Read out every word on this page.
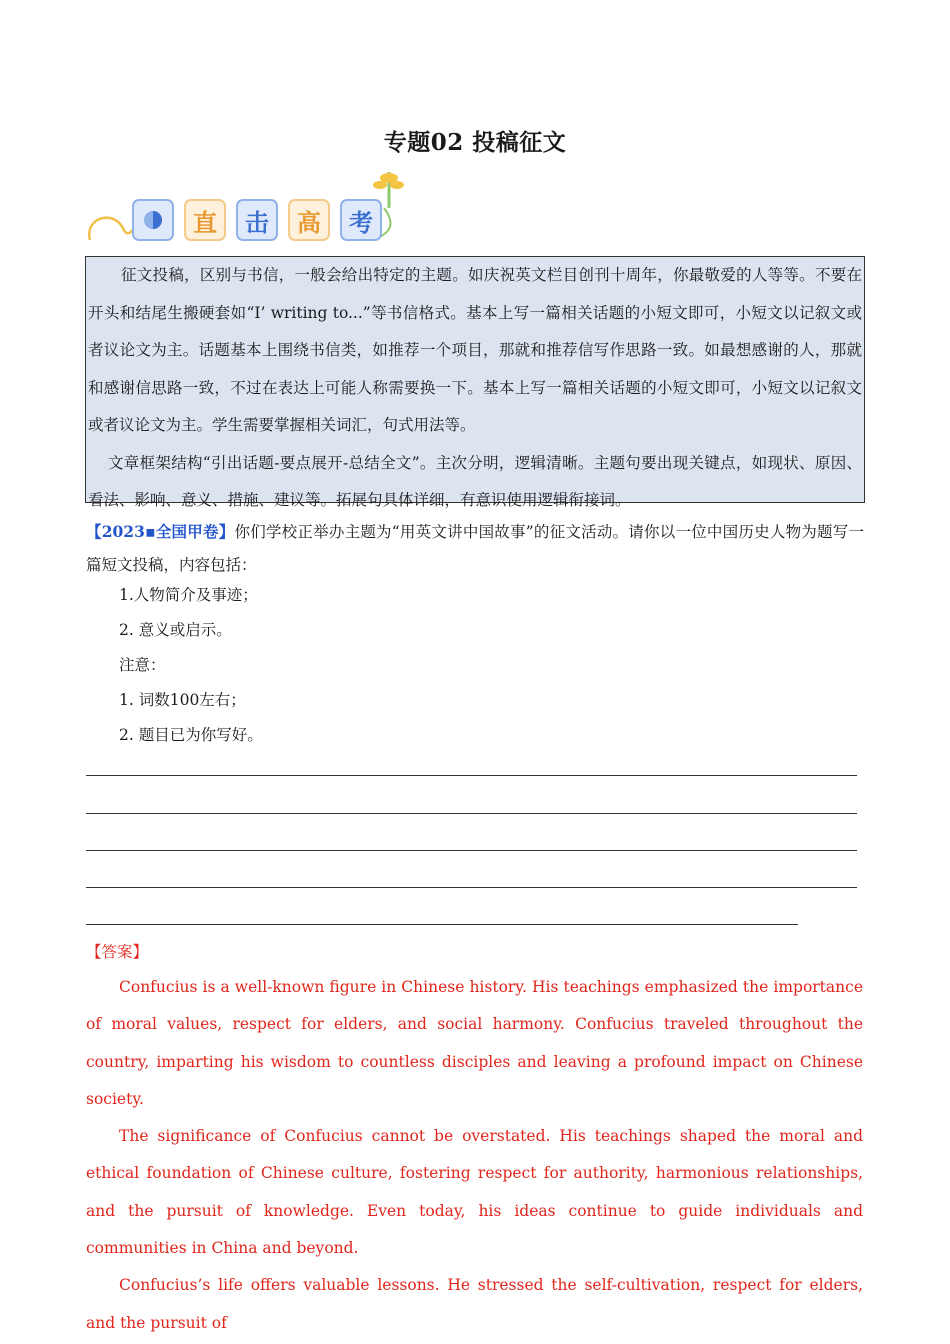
专题02 投稿征文
直	击	高	考

征文投稿，区别与书信，一般会给出特定的主题。如庆祝英文栏目创刊十周年，你最敬爱的人等等。不要在开头和结尾生搬硬套如“I’ writing to...”等书信格式。基本上写一篇相关话题的小短文即可，小短文以记叙文或者议论文为主。话题基本上围绕书信类，如推荐一个项目，那就和推荐信写作思路一致。如最想感谢的人，那就和感谢信思路一致，不过在表达上可能人称需要换一下。基本上写一篇相关话题的小短文即可，小短文以记叙文或者议论文为主。学生需要掌握相关词汇，句式用法等。

文章框架结构“引出话题-要点展开-总结全文”。主次分明，逻辑清晰。主题句要出现关键点，如现状、原因、看法、影响、意义、措施、建议等。拓展句具体详细，有意识使用逻辑衔接词。

【2023▪全国甲卷】你们学校正举办主题为“用英文讲中国故事”的征文活动。请你以一位中国历史人物为题写一篇短文投稿，内容包括：
1.人物简介及事迹；
2. 意义或启示。
注意：
1. 词数100左右；
2. 题目已为你写好。
【答案】

Confucius is a well-known figure in Chinese history. His teachings emphasized the importance of moral values, respect for elders, and social harmony. Confucius traveled throughout the country, imparting his wisdom to countless disciples and leaving a profound impact on Chinese society.

The significance of Confucius cannot be overstated. His teachings shaped the moral and ethical foundation of Chinese culture, fostering respect for authority, harmonious relationships, and the pursuit of knowledge. Even today, his ideas continue to guide individuals and communities in China and beyond.

Confucius’s life offers valuable lessons. He stressed the self-cultivation, respect for elders, and the pursuit of
